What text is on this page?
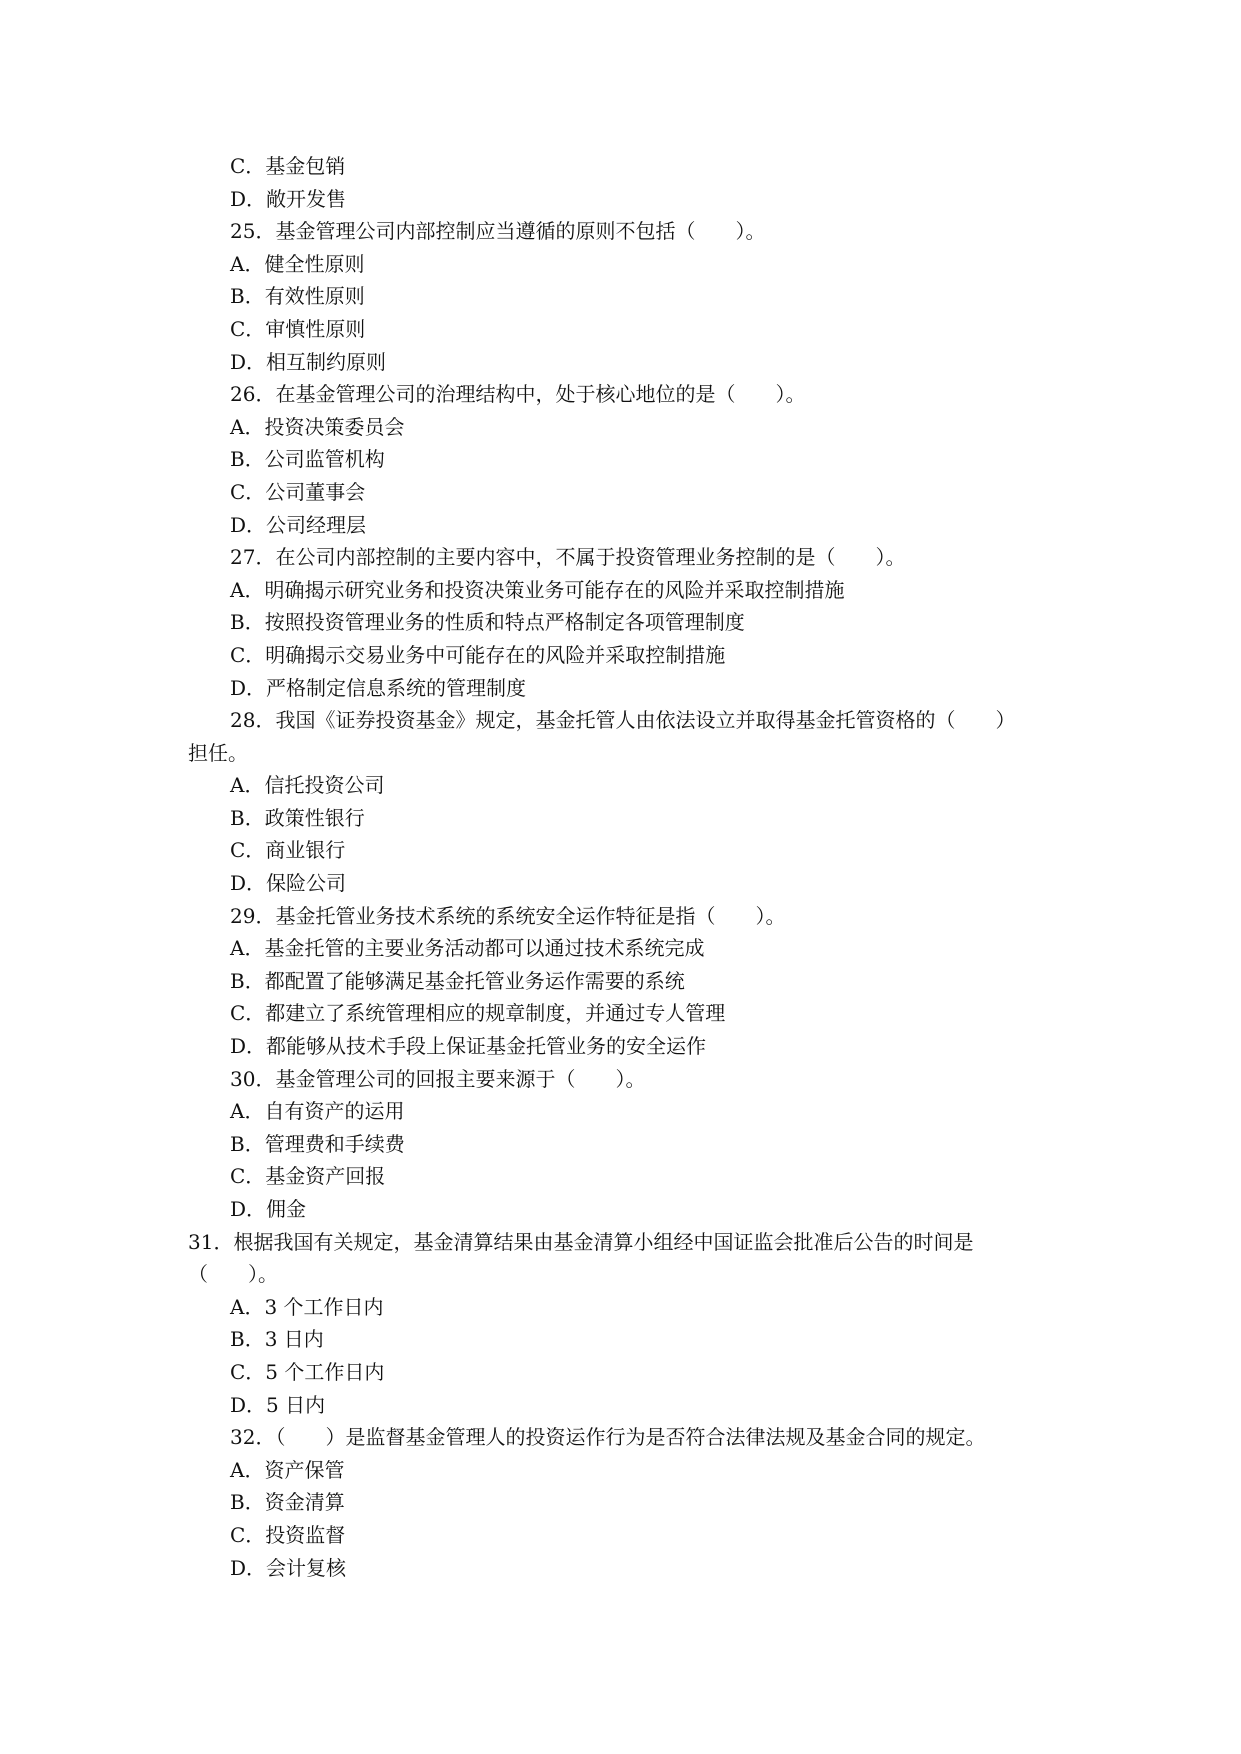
C．基金包销
D．敞开发售
25．基金管理公司内部控制应当遵循的原则不包括（　　）。
A．健全性原则
B．有效性原则
C．审慎性原则
D．相互制约原则
26．在基金管理公司的治理结构中，处于核心地位的是（　　）。
A．投资决策委员会
B．公司监管机构
C．公司董事会
D．公司经理层
27．在公司内部控制的主要内容中，不属于投资管理业务控制的是（　　）。
A．明确揭示研究业务和投资决策业务可能存在的风险并采取控制措施
B．按照投资管理业务的性质和特点严格制定各项管理制度
C．明确揭示交易业务中可能存在的风险并采取控制措施
D．严格制定信息系统的管理制度
28．我国《证券投资基金》规定，基金托管人由依法设立并取得基金托管资格的（　　）
担任。
A．信托投资公司
B．政策性银行
C．商业银行
D．保险公司
29．基金托管业务技术系统的系统安全运作特征是指（　　）。
A．基金托管的主要业务活动都可以通过技术系统完成
B．都配置了能够满足基金托管业务运作需要的系统
C．都建立了系统管理相应的规章制度，并通过专人管理
D．都能够从技术手段上保证基金托管业务的安全运作
30．基金管理公司的回报主要来源于（　　）。
A．自有资产的运用
B．管理费和手续费
C．基金资产回报
D．佣金
31．根据我国有关规定，基金清算结果由基金清算小组经中国证监会批准后公告的时间是
（　　）。
A．3 个工作日内
B．3 日内
C．5 个工作日内
D．5 日内
32．（　　）是监督基金管理人的投资运作行为是否符合法律法规及基金合同的规定。
A．资产保管
B．资金清算
C．投资监督
D．会计复核
